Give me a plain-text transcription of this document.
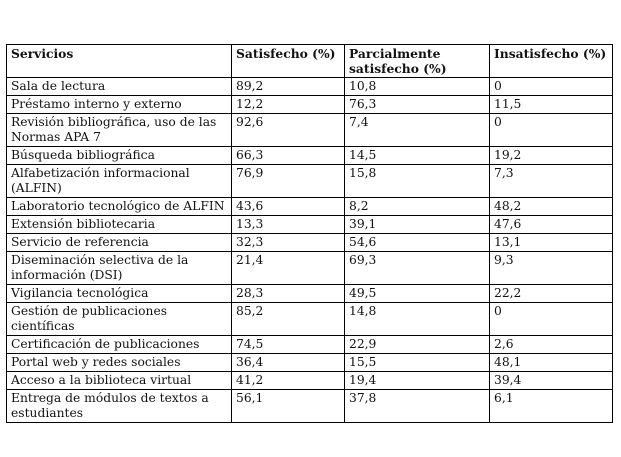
Servicios	Satisfecho (%)	Parcialmente satisfecho (%)	Insatisfecho (%)
Sala de lectura	89,2	10,8	0
Préstamo interno y externo	12,2	76,3	11,5
Revisión bibliográfica, uso de las Normas APA 7	92,6	7,4	0
Búsqueda bibliográfica	66,3	14,5	19,2
Alfabetización informacional (ALFIN)	76,9	15,8	7,3
Laboratorio tecnológico de ALFIN	43,6	8,2	48,2
Extensión bibliotecaria	13,3	39,1	47,6
Servicio de referencia	32,3	54,6	13,1
Diseminación selectiva de la información (DSI)	21,4	69,3	9,3
Vigilancia tecnológica	28,3	49,5	22,2
Gestión de publicaciones científicas	85,2	14,8	0
Certificación de publicaciones	74,5	22,9	2,6
Portal web y redes sociales	36,4	15,5	48,1
Acceso a la biblioteca virtual	41,2	19,4	39,4
Entrega de módulos de textos a estudiantes	56,1	37,8	6,1
